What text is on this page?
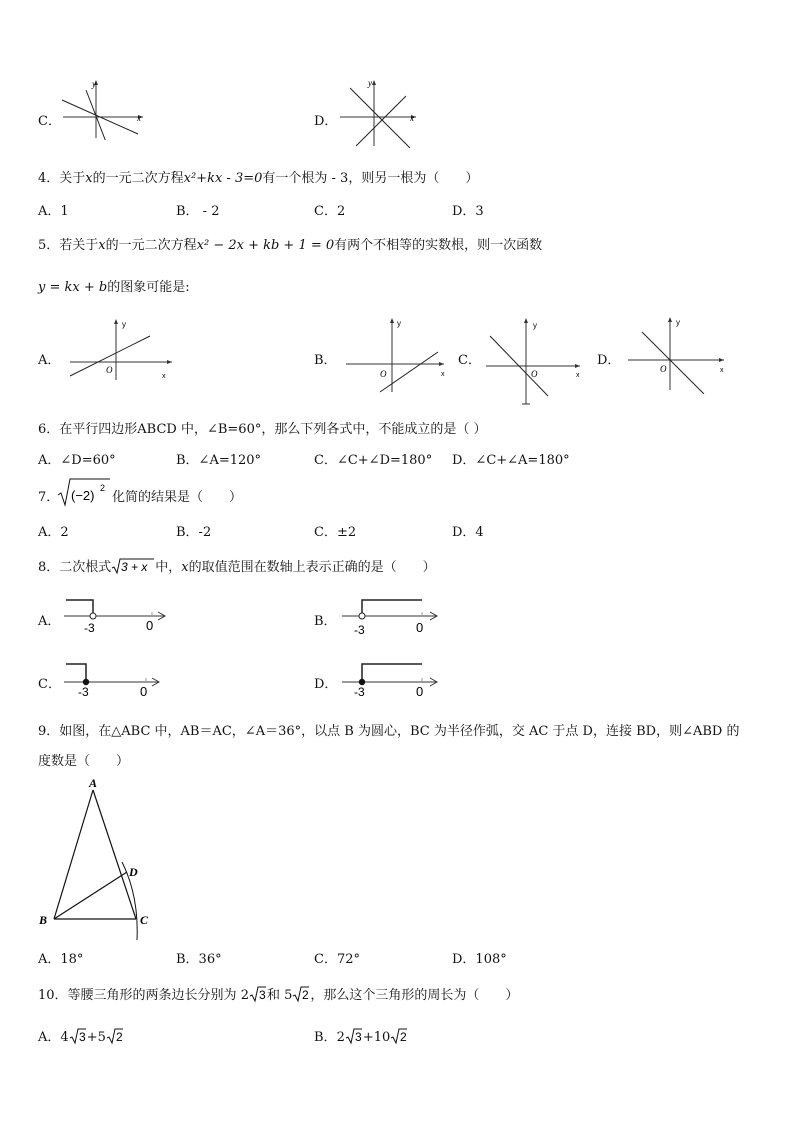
C．
y
x	D．
y
x
4．关于x的一元二次方程x²+kx - 3=0有一个根为 - 3，则另一根为（　　）
A．1	B． - 2	C．2	D．3
5．若关于x的一元二次方程x² − 2x + kb + 1 = 0有两个不相等的实数根，则一次函数
y = kx + b的图象可能是:
A．
y
x
O
B．
y
x
O
C．
y
x
O
D．
y
x
O
6．在平行四边形ABCD 中，∠B=60°，那么下列各式中，不能成立的是（ ）
A．∠D=60°	B．∠A=120°	C．∠C+∠D=180° D．∠C+∠A=180°
7． (−2) 2
化简的结果是（　　）
A．2	B．-2	C．±2	D．4
8．二次根式 3 + x 中，x的取值范围在数轴上表示正确的是（　　）
A． -3	0	B．
-3	0
C． -3	0	D． -3	0
9．如图，在△ABC 中，AB＝AC，∠A＝36°，以点 B 为圆心，BC 为半径作弧，交 AC 于点 D，连接 BD，则∠ABD 的
度数是（　　）
A
B	C
D
A．18°	B．36°	C．72°	D．108°
10．等腰三角形的两条边长分别为 2 3 和 5 2 ，那么这个三角形的周长为（　　）
A．4 3 +5 2	B．2 3 +10 2
